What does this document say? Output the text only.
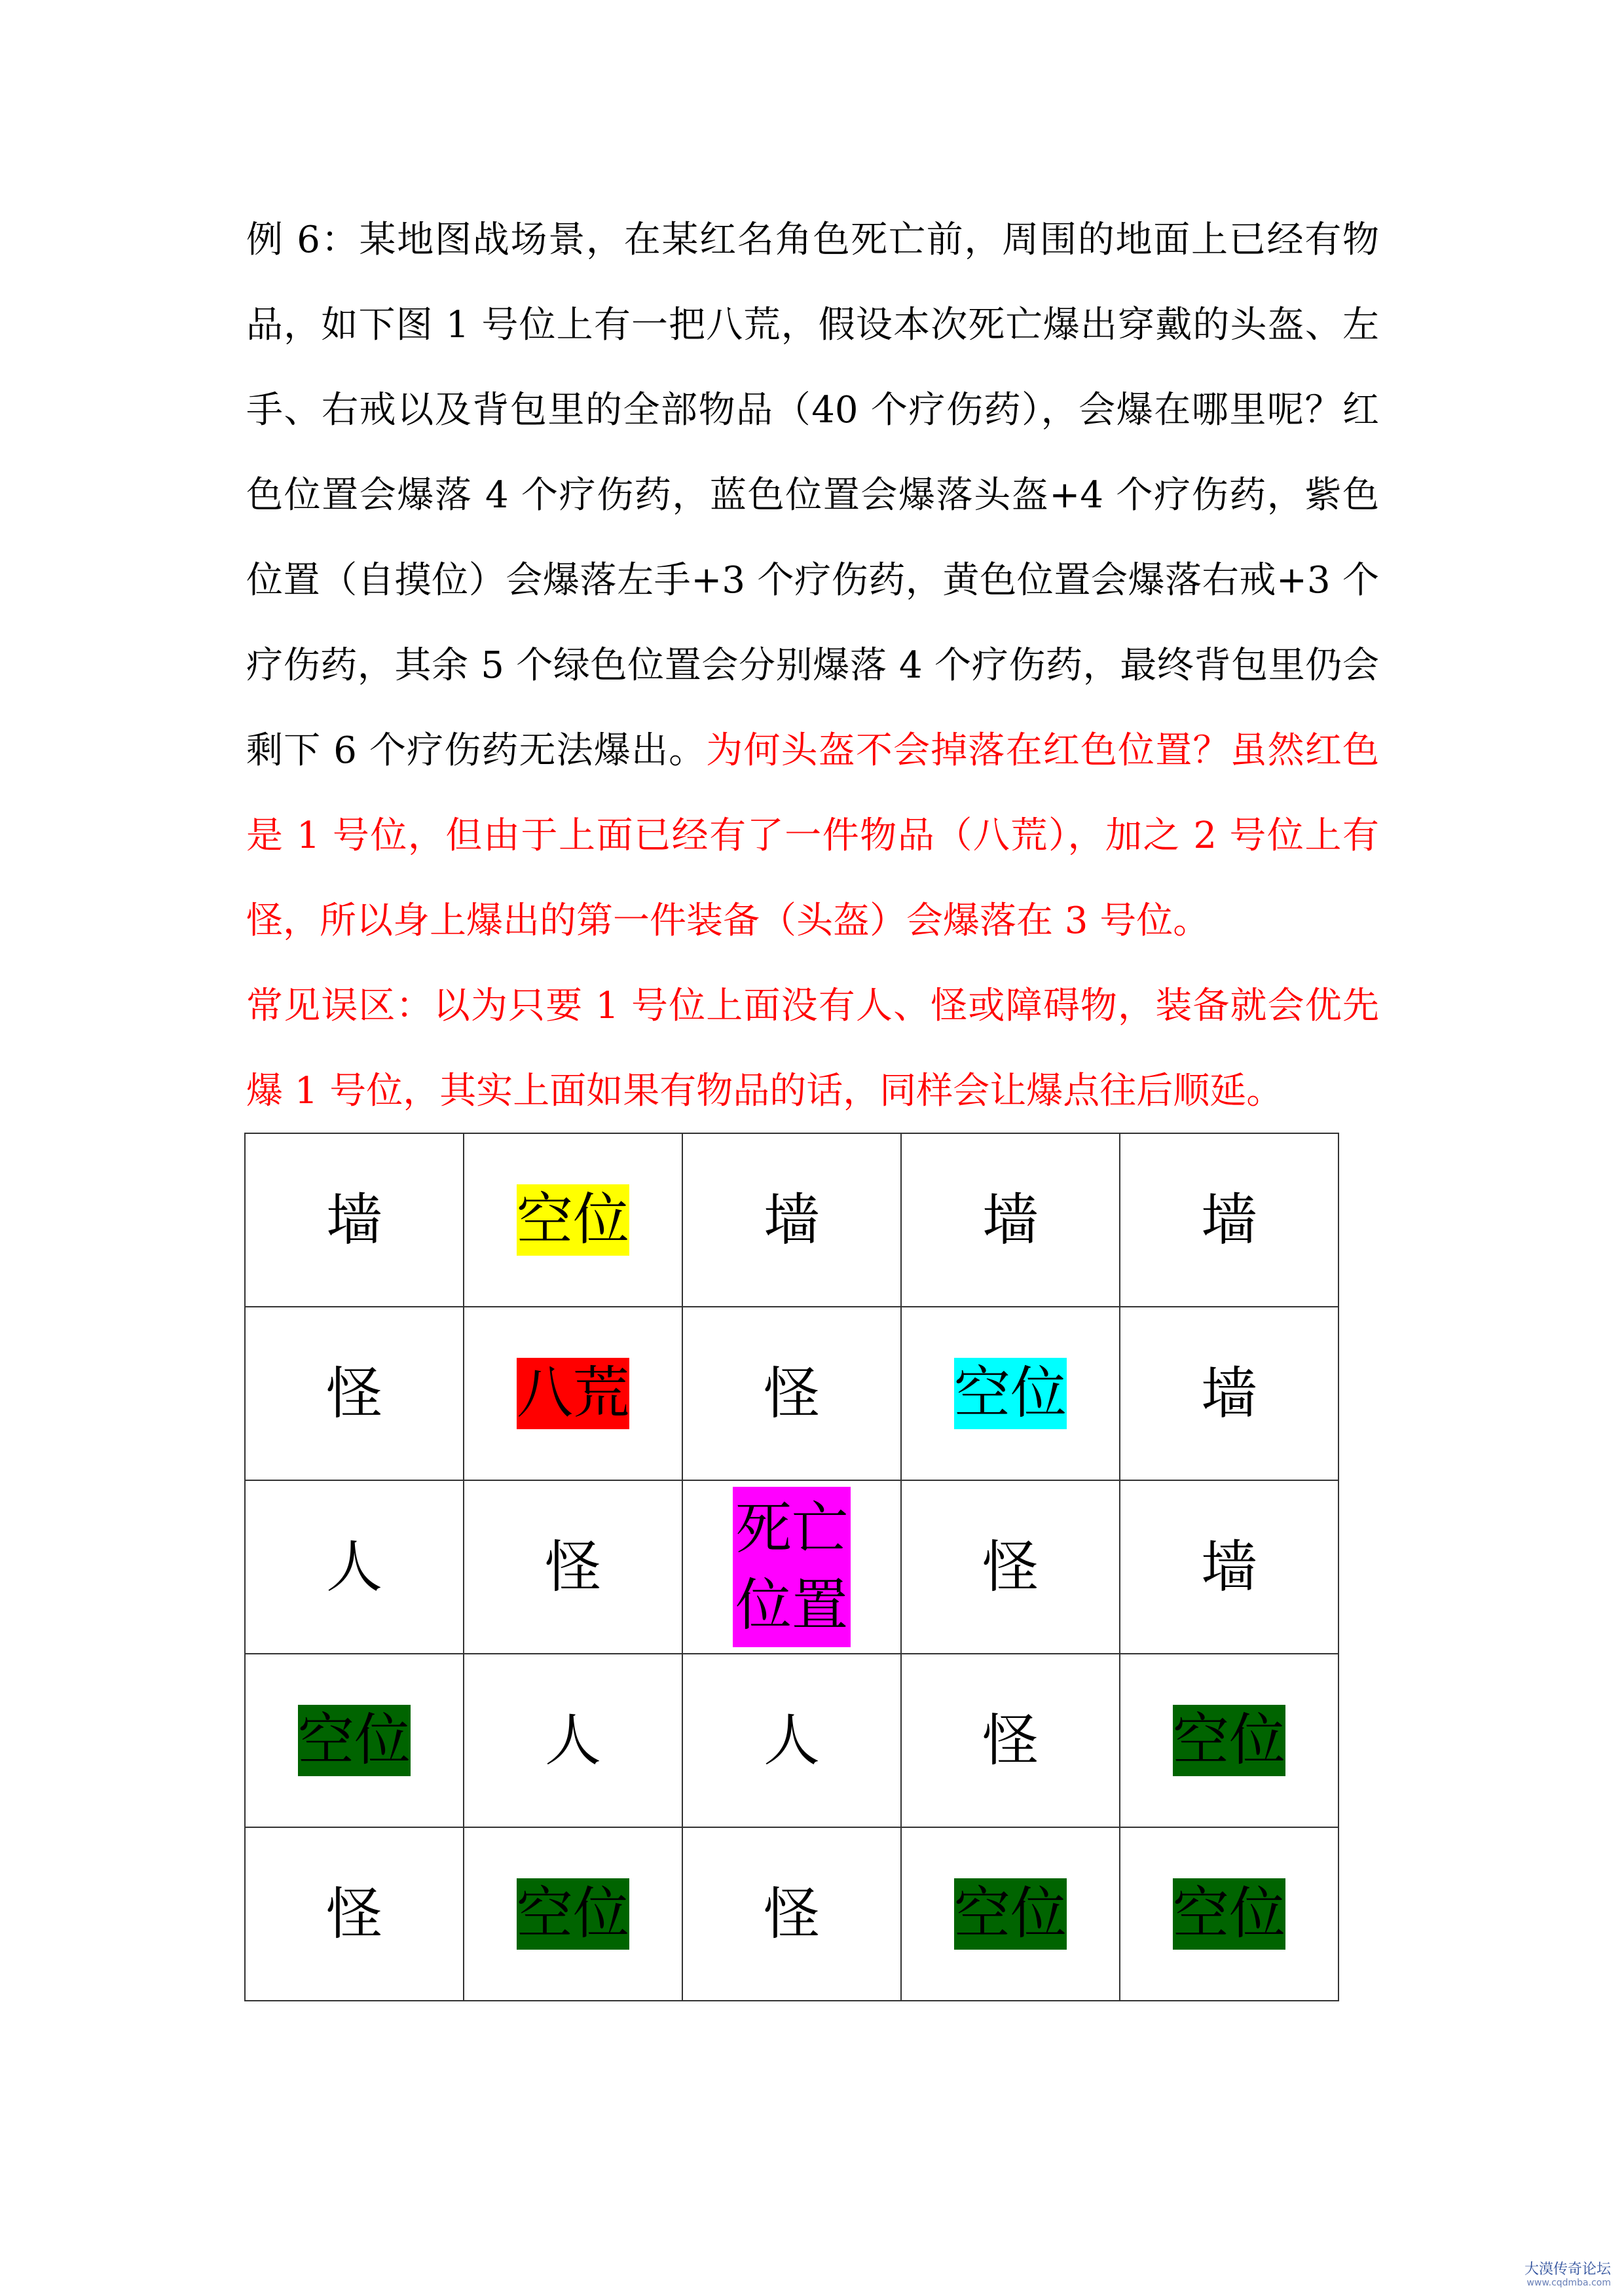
例 6：某地图战场景，在某红名角色死亡前，周围的地面上已经有物品，如下图 1 号位上有一把八荒，假设本次死亡爆出穿戴的头盔、左手、右戒以及背包里的全部物品（40 个疗伤药），会爆在哪里呢？红色位置会爆落 4 个疗伤药，蓝色位置会爆落头盔+4 个疗伤药，紫色位置（自摸位）会爆落左手+3 个疗伤药，黄色位置会爆落右戒+3 个疗伤药，其余 5 个绿色位置会分别爆落 4 个疗伤药，最终背包里仍会剩下 6 个疗伤药无法爆出。为何头盔不会掉落在红色位置？虽然红色是 1 号位，但由于上面已经有了一件物品（八荒），加之 2 号位上有怪，所以身上爆出的第一件装备（头盔）会爆落在 3 号位。
常见误区：以为只要 1 号位上面没有人、怪或障碍物，装备就会优先爆 1 号位，其实上面如果有物品的话，同样会让爆点往后顺延。
墙	空位	墙	墙	墙
怪	八荒	怪	空位	墙
人	怪	死亡位置	怪	墙
空位	人	人	怪	空位
怪	空位	怪	空位	空位
大漠传奇论坛
www.cqdmba.com
